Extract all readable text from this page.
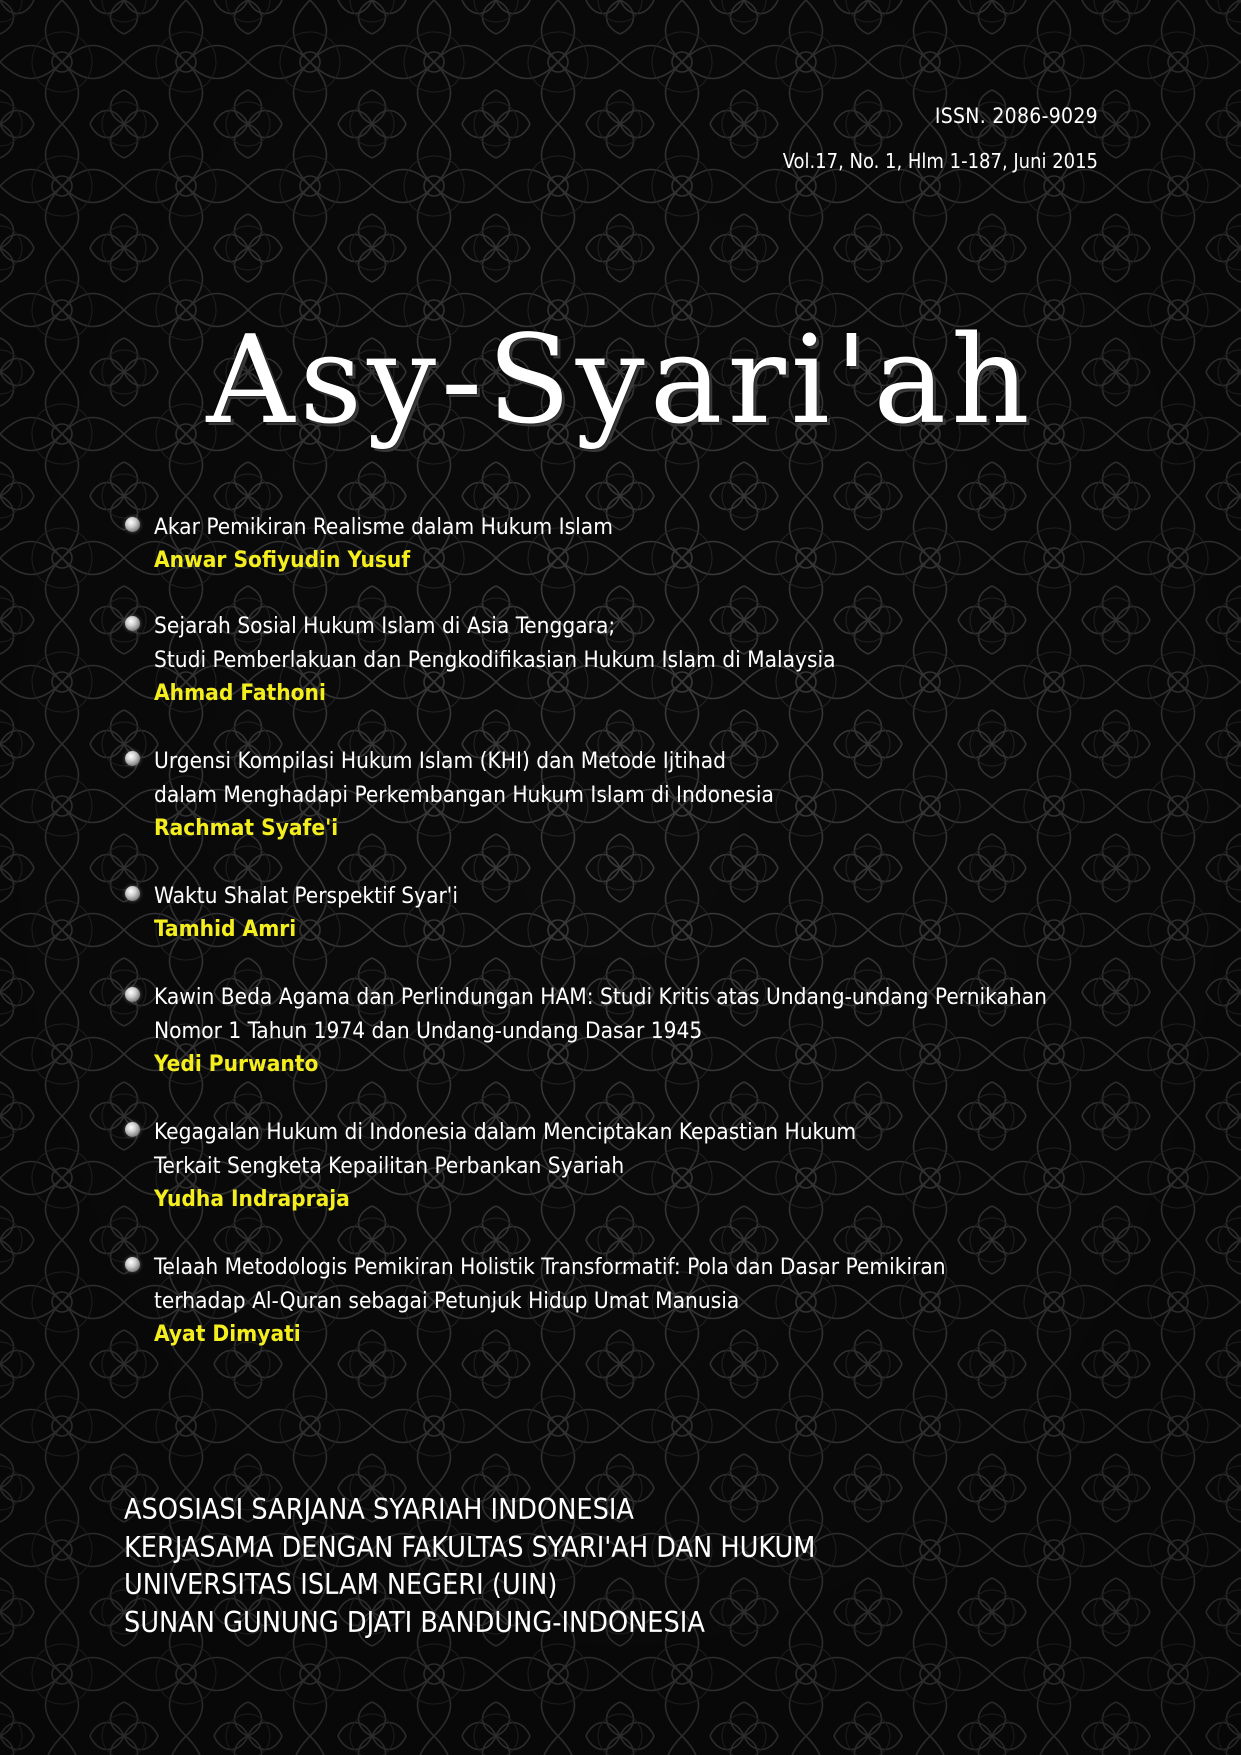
ISSN. 2086-9029
Vol.17, No. 1, Hlm 1-187, Juni 2015
Asy-Syari'ah

Akar Pemikiran Realisme dalam Hukum Islam

Anwar Sofiyudin Yusuf

Sejarah Sosial Hukum Islam di Asia Tenggara;

Studi Pemberlakuan dan Pengkodifikasian Hukum Islam di Malaysia

Ahmad Fathoni

Urgensi Kompilasi Hukum Islam (KHI) dan Metode Ijtihad

dalam Menghadapi Perkembangan Hukum Islam di Indonesia

Rachmat Syafe'i

Waktu Shalat Perspektif Syar'i

Tamhid Amri

Kawin Beda Agama dan Perlindungan HAM: Studi Kritis atas Undang-undang Pernikahan

Nomor 1 Tahun 1974 dan Undang-undang Dasar 1945

Yedi Purwanto

Kegagalan Hukum di Indonesia dalam Menciptakan Kepastian Hukum

Terkait Sengketa Kepailitan Perbankan Syariah

Yudha Indrapraja

Telaah Metodologis Pemikiran Holistik Transformatif: Pola dan Dasar Pemikiran

terhadap Al-Quran sebagai Petunjuk Hidup Umat Manusia

Ayat Dimyati
ASOSIASI SARJANA SYARIAH INDONESIA
KERJASAMA DENGAN FAKULTAS SYARI'AH DAN HUKUM
UNIVERSITAS ISLAM NEGERI (UIN)
SUNAN GUNUNG DJATI BANDUNG-INDONESIA
